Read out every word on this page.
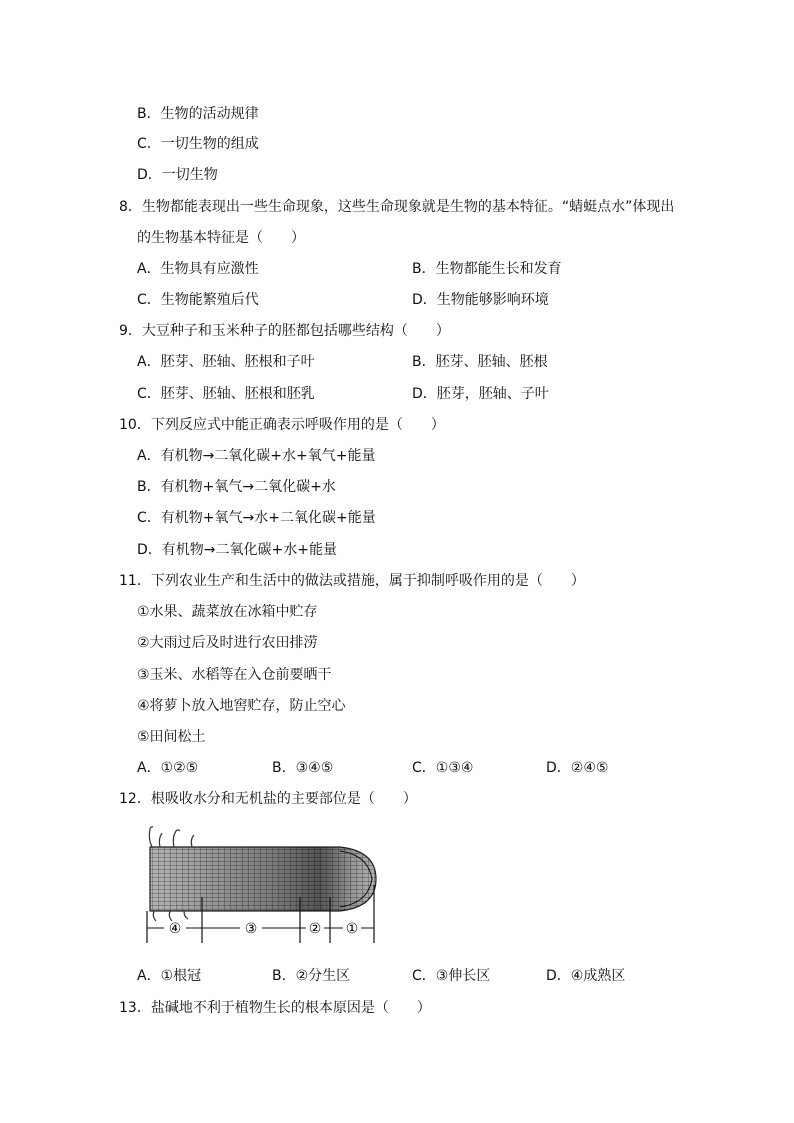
B．生物的活动规律
C．一切生物的组成
D．一切生物
8．生物都能表现出一些生命现象，这些生命现象就是生物的基本特征。“蜻蜓点水”体现出
的生物基本特征是（　　）
A．生物具有应激性	B．生物都能生长和发育
C．生物能繁殖后代	D．生物能够影响环境
9．大豆种子和玉米种子的胚都包括哪些结构（　　）
A．胚芽、胚轴、胚根和子叶	B．胚芽、胚轴、胚根
C．胚芽、胚轴、胚根和胚乳	D．胚芽，胚轴、子叶
10．下列反应式中能正确表示呼吸作用的是（　　）
A．有机物→二氧化碳+水+氧气+能量
B．有机物+氧气→二氧化碳+水
C．有机物+氧气→水+二氧化碳+能量
D．有机物→二氧化碳+水+能量
11．下列农业生产和生活中的做法或措施，属于抑制呼吸作用的是（　　）
①水果、蔬菜放在冰箱中贮存
②大雨过后及时进行农田排涝
③玉米、水稻等在入仓前要晒干
④将萝卜放入地窖贮存，防止空心
⑤田间松土
A．①②⑤	B．③④⑤	C．①③④	D．②④⑤
12．根吸收水分和无机盐的主要部位是（　　）
④	③	② ①
A．①根冠	B．②分生区	C．③伸长区	D．④成熟区
13．盐碱地不利于植物生长的根本原因是（　　）
